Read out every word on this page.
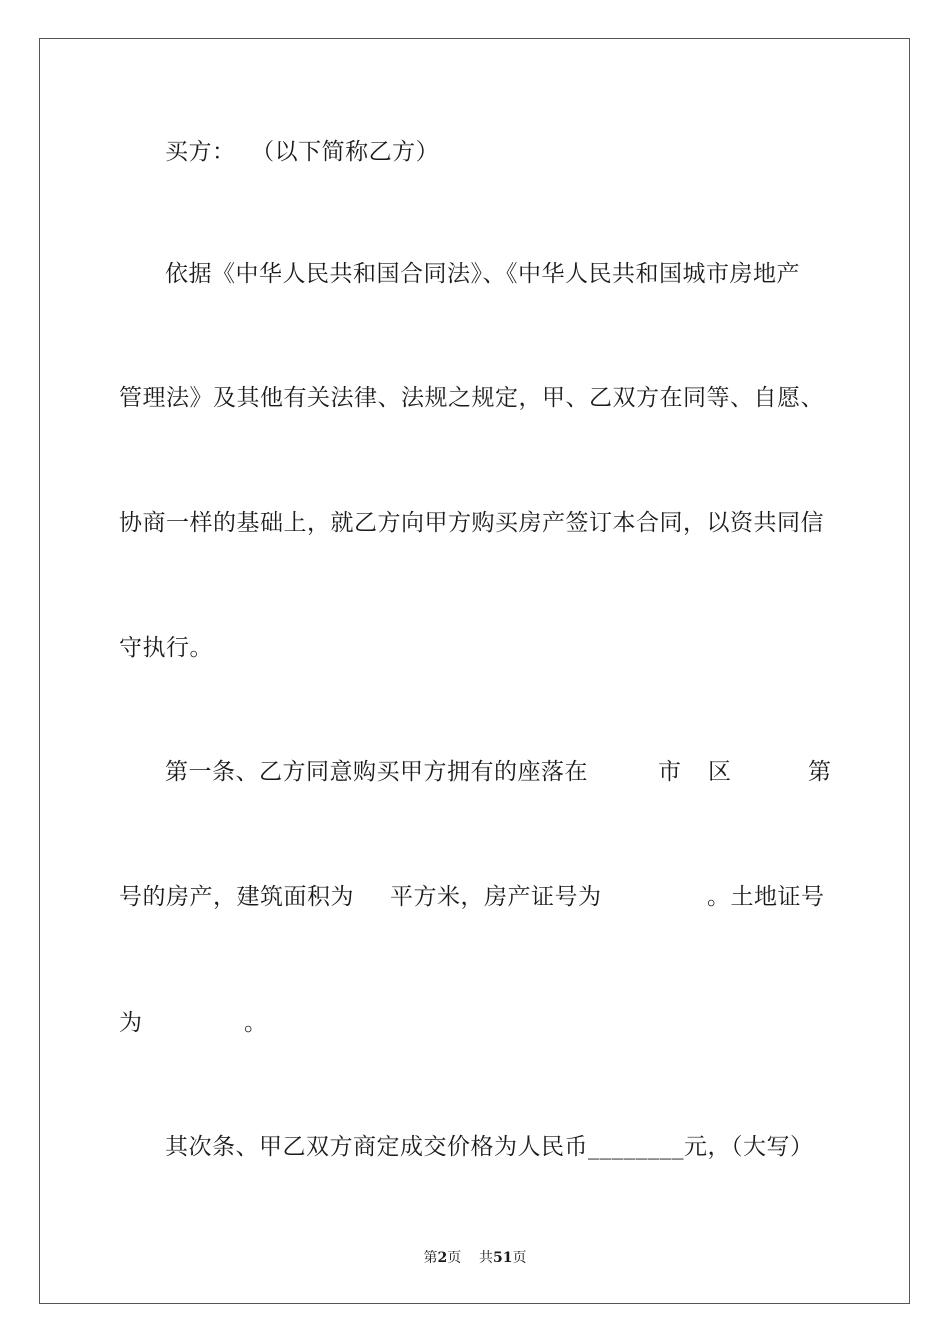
买方：  （以下简称乙方）
依据《中华人民共和国合同法》、《中华人民共和国城市房地产
管理法》及其他有关法律、法规之规定，甲、乙双方在同等、自愿、
协商一样的基础上，就乙方向甲方购买房产签订本合同，以资共同信
守执行。
第一条、乙方同意购买甲方拥有的座落在	市 区	第
号的房产，建筑面积为 平方米，房产证号为	。土地证号
为	。
其次条、甲乙双方商定成交价格为人民币________元，（大写）
第2页 共51页
